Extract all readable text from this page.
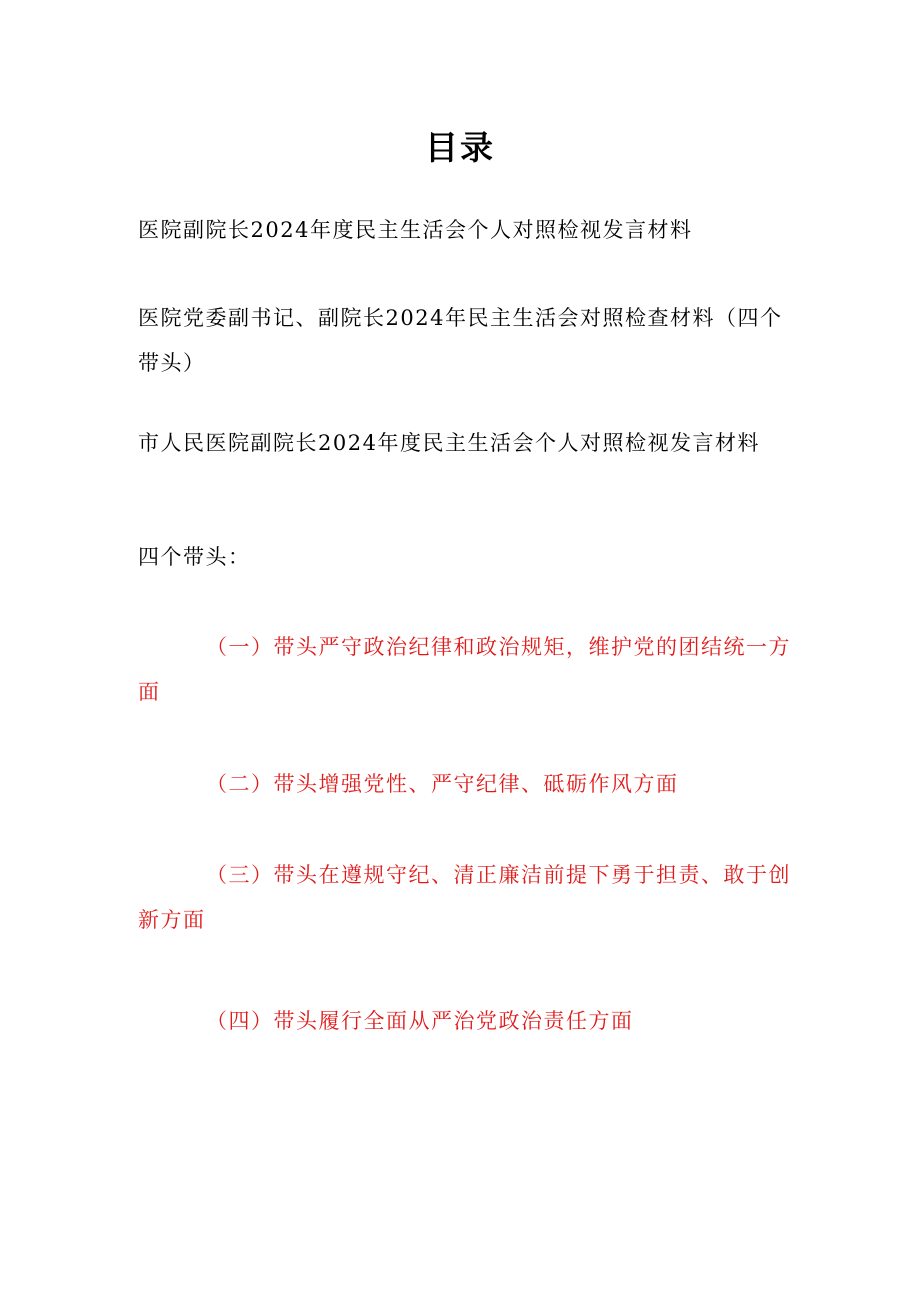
目录

医院副院长2024年度民主生活会个人对照检视发言材料

医院党委副书记、副院长2024年民主生活会对照检查材料（四个带头）

市人民医院副院长2024年度民主生活会个人对照检视发言材料

四个带头：

（一）带头严守政治纪律和政治规矩，维护党的团结统一方面

（二）带头增强党性、严守纪律、砥砺作风方面

（三）带头在遵规守纪、清正廉洁前提下勇于担责、敢于创新方面

（四）带头履行全面从严治党政治责任方面
